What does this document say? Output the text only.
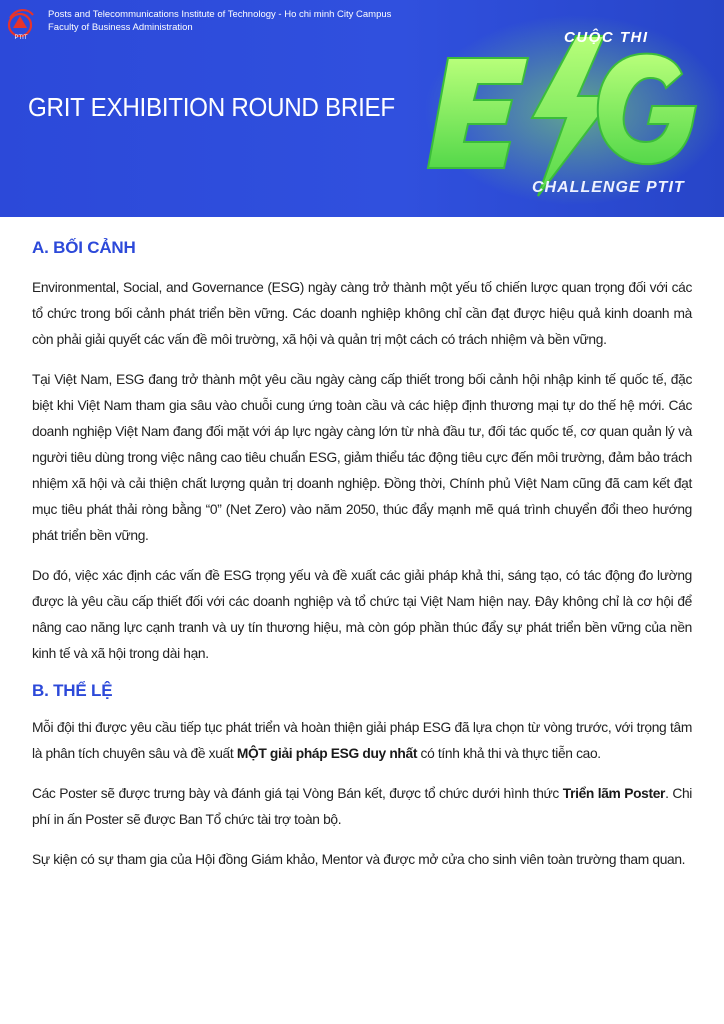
PTIT
Posts and Telecommunications Institute of Technology - Ho chi minh City Campus
Faculty of Business Administration
GRIT EXHIBITION ROUND BRIEF
CUỘC THI
CHALLENGE PTIT
A. BỐI CẢNH

Environmental, Social, and Governance (ESG) ngày càng trở thành một yếu tố chiến lược quan trọng đối với các tổ chức trong bối cảnh phát triển bền vững. Các doanh nghiệp không chỉ cần đạt được hiệu quả kinh doanh mà còn phải giải quyết các vấn đề môi trường, xã hội và quản trị một cách có trách nhiệm và bền vững.

Tại Việt Nam, ESG đang trở thành một yêu cầu ngày càng cấp thiết trong bối cảnh hội nhập kinh tế quốc tế, đặc biệt khi Việt Nam tham gia sâu vào chuỗi cung ứng toàn cầu và các hiệp định thương mại tự do thế hệ mới. Các doanh nghiệp Việt Nam đang đối mặt với áp lực ngày càng lớn từ nhà đầu tư, đối tác quốc tế, cơ quan quản lý và người tiêu dùng trong việc nâng cao tiêu chuẩn ESG, giảm thiểu tác động tiêu cực đến môi trường, đảm bảo trách nhiệm xã hội và cải thiện chất lượng quản trị doanh nghiệp. Đồng thời, Chính phủ Việt Nam cũng đã cam kết đạt mục tiêu phát thải ròng bằng “0” (Net Zero) vào năm 2050, thúc đẩy mạnh mẽ quá trình chuyển đổi theo hướng phát triển bền vững.

Do đó, việc xác định các vấn đề ESG trọng yếu và đề xuất các giải pháp khả thi, sáng tạo, có tác động đo lường được là yêu cầu cấp thiết đối với các doanh nghiệp và tổ chức tại Việt Nam hiện nay. Đây không chỉ là cơ hội để nâng cao năng lực cạnh tranh và uy tín thương hiệu, mà còn góp phần thúc đẩy sự phát triển bền vững của nền kinh tế và xã hội trong dài hạn.

B. THỂ LỆ

Mỗi đội thi được yêu cầu tiếp tục phát triển và hoàn thiện giải pháp ESG đã lựa chọn từ vòng trước, với trọng tâm là phân tích chuyên sâu và đề xuất MỘT giải pháp ESG duy nhất có tính khả thi và thực tiễn cao.

Các Poster sẽ được trưng bày và đánh giá tại Vòng Bán kết, được tổ chức dưới hình thức Triển lãm Poster. Chi phí in ấn Poster sẽ được Ban Tổ chức tài trợ toàn bộ.

Sự kiện có sự tham gia của Hội đồng Giám khảo, Mentor và được mở cửa cho sinh viên toàn trường tham quan.
